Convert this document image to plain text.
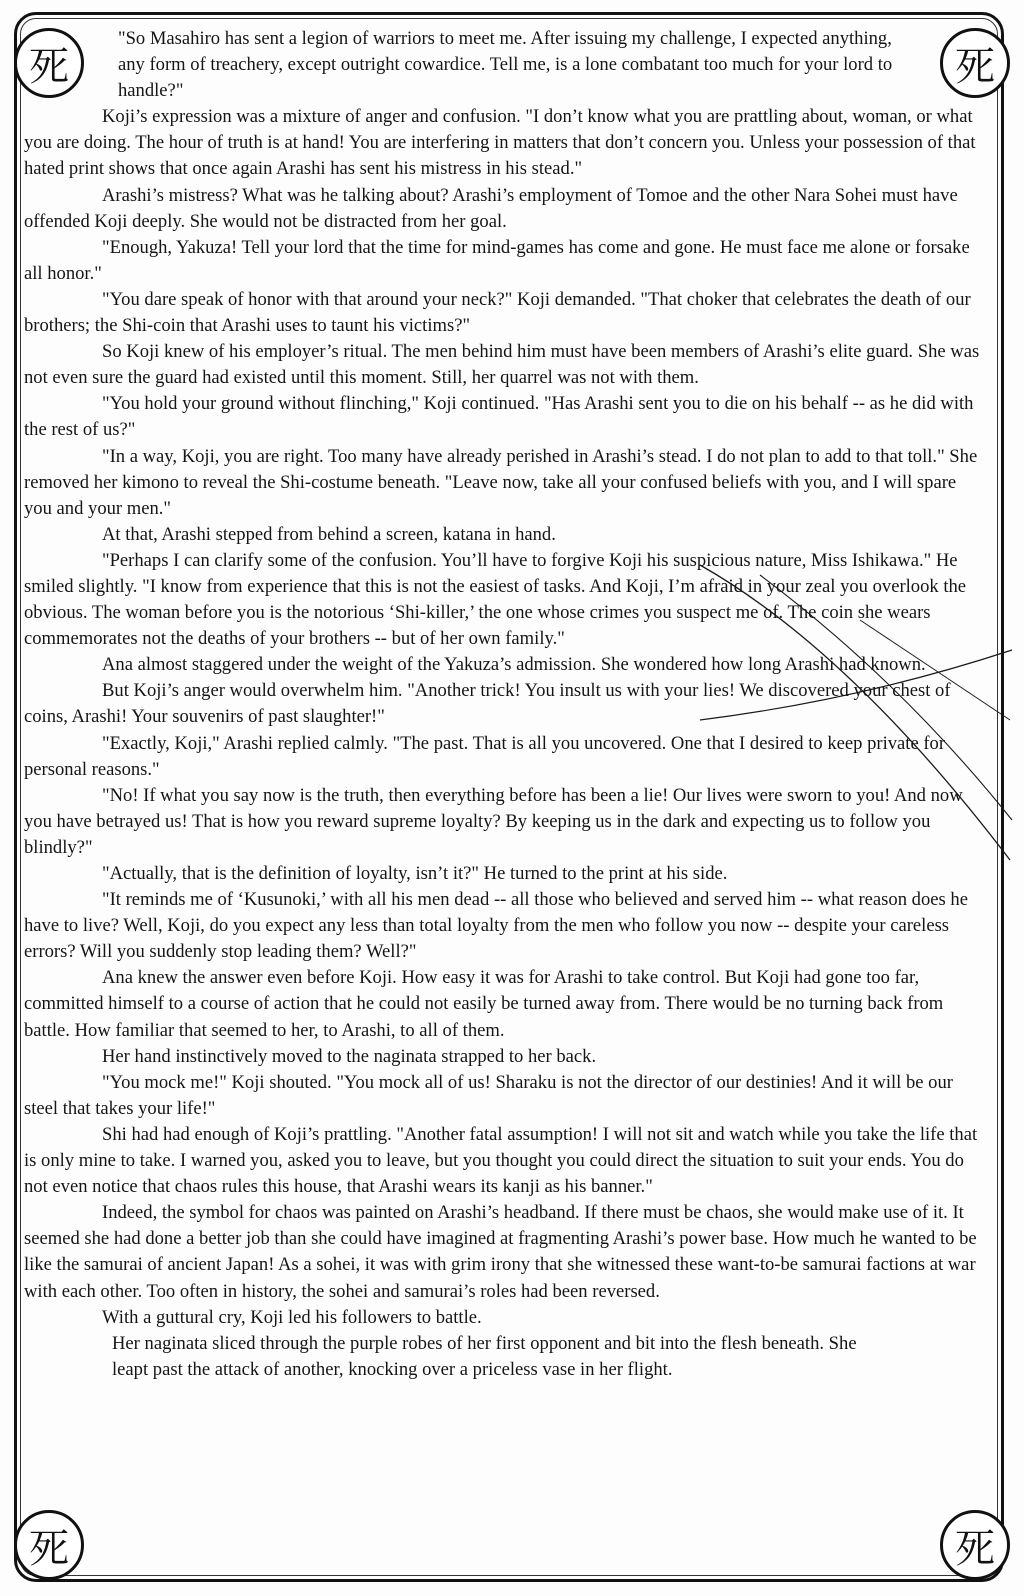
死	死
死	死

"So Masahiro has sent a legion of warriors to meet me. After issuing my challenge, I expected anything, any form of treachery, except outright cowardice. Tell me, is a lone combatant too much for your lord to handle?"

Koji’s expression was a mixture of anger and confusion. "I don’t know what you are prattling about, woman, or what you are doing. The hour of truth is at hand! You are interfering in matters that don’t concern you. Unless your possession of that hated print shows that once again Arashi has sent his mistress in his stead."

Arashi’s mistress? What was he talking about? Arashi’s employment of Tomoe and the other Nara Sohei must have offended Koji deeply. She would not be distracted from her goal.

"Enough, Yakuza! Tell your lord that the time for mind-games has come and gone. He must face me alone or forsake all honor."

"You dare speak of honor with that around your neck?" Koji demanded. "That choker that celebrates the death of our brothers; the Shi-coin that Arashi uses to taunt his victims?"

So Koji knew of his employer’s ritual. The men behind him must have been members of Arashi’s elite guard. She was not even sure the guard had existed until this moment. Still, her quarrel was not with them.

"You hold your ground without flinching," Koji continued. "Has Arashi sent you to die on his behalf -- as he did with the rest of us?"

"In a way, Koji, you are right. Too many have already perished in Arashi’s stead. I do not plan to add to that toll." She removed her kimono to reveal the Shi-costume beneath. "Leave now, take all your confused beliefs with you, and I will spare you and your men."

At that, Arashi stepped from behind a screen, katana in hand.

"Perhaps I can clarify some of the confusion. You’ll have to forgive Koji his suspicious nature, Miss Ishikawa." He smiled slightly. "I know from experience that this is not the easiest of tasks. And Koji, I’m afraid in your zeal you overlook the obvious. The woman before you is the notorious ‘Shi-killer,’ the one whose crimes you suspect me of. The coin she wears commemorates not the deaths of your brothers -- but of her own family."

Ana almost staggered under the weight of the Yakuza’s admission. She wondered how long Arashi had known.

But Koji’s anger would overwhelm him. "Another trick! You insult us with your lies! We discovered your chest of coins, Arashi! Your souvenirs of past slaughter!"

"Exactly, Koji," Arashi replied calmly. "The past. That is all you uncovered. One that I desired to keep private for personal reasons."

"No! If what you say now is the truth, then everything before has been a lie! Our lives were sworn to you! And now you have betrayed us! That is how you reward supreme loyalty? By keeping us in the dark and expecting us to follow you blindly?"

"Actually, that is the definition of loyalty, isn’t it?" He turned to the print at his side.

"It reminds me of ‘Kusunoki,’ with all his men dead -- all those who believed and served him -- what reason does he have to live? Well, Koji, do you expect any less than total loyalty from the men who follow you now -- despite your careless errors? Will you suddenly stop leading them? Well?"

Ana knew the answer even before Koji. How easy it was for Arashi to take control. But Koji had gone too far, committed himself to a course of action that he could not easily be turned away from. There would be no turning back from battle. How familiar that seemed to her, to Arashi, to all of them.

Her hand instinctively moved to the naginata strapped to her back.

"You mock me!" Koji shouted. "You mock all of us! Sharaku is not the director of our destinies! And it will be our steel that takes your life!"

Shi had had enough of Koji’s prattling. "Another fatal assumption! I will not sit and watch while you take the life that is only mine to take. I warned you, asked you to leave, but you thought you could direct the situation to suit your ends. You do not even notice that chaos rules this house, that Arashi wears its kanji as his banner."

Indeed, the symbol for chaos was painted on Arashi’s headband. If there must be chaos, she would make use of it. It seemed she had done a better job than she could have imagined at fragmenting Arashi’s power base. How much he wanted to be like the samurai of ancient Japan! As a sohei, it was with grim irony that she witnessed these want-to-be samurai factions at war with each other. Too often in history, the sohei and samurai’s roles had been reversed.

With a guttural cry, Koji led his followers to battle.

Her naginata sliced through the purple robes of her first opponent and bit into the flesh beneath. She leapt past the attack of another, knocking over a priceless vase in her flight.
